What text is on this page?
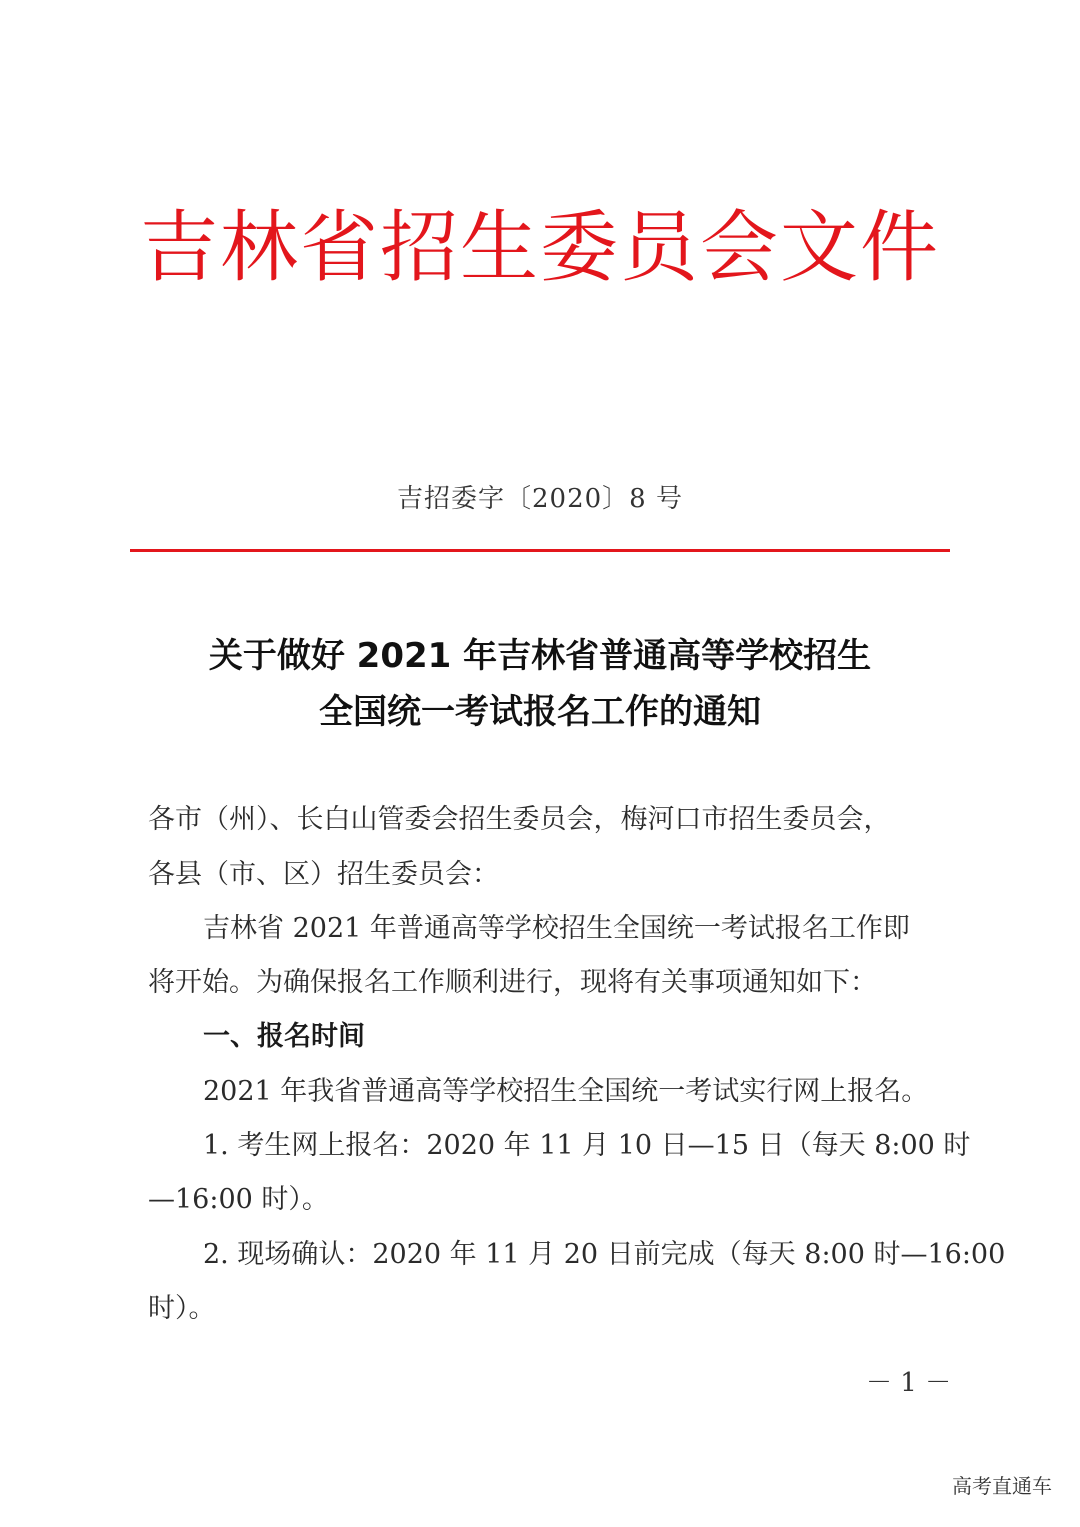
吉林省招生委员会文件
吉招委字〔2020〕8 号
关于做好 2021 年吉林省普通高等学校招生
全国统一考试报名工作的通知
各市（州）、长白山管委会招生委员会，梅河口市招生委员会，
各县（市、区）招生委员会：
吉林省 2021 年普通高等学校招生全国统一考试报名工作即
将开始。为确保报名工作顺利进行，现将有关事项通知如下：
一、报名时间
2021 年我省普通高等学校招生全国统一考试实行网上报名。
1. 考生网上报名：2020 年 11 月 10 日—15 日（每天 8:00 时
—16:00 时）。
2. 现场确认：2020 年 11 月 20 日前完成（每天 8:00 时—16:00
时）。
－ 1 －
高考直通车
